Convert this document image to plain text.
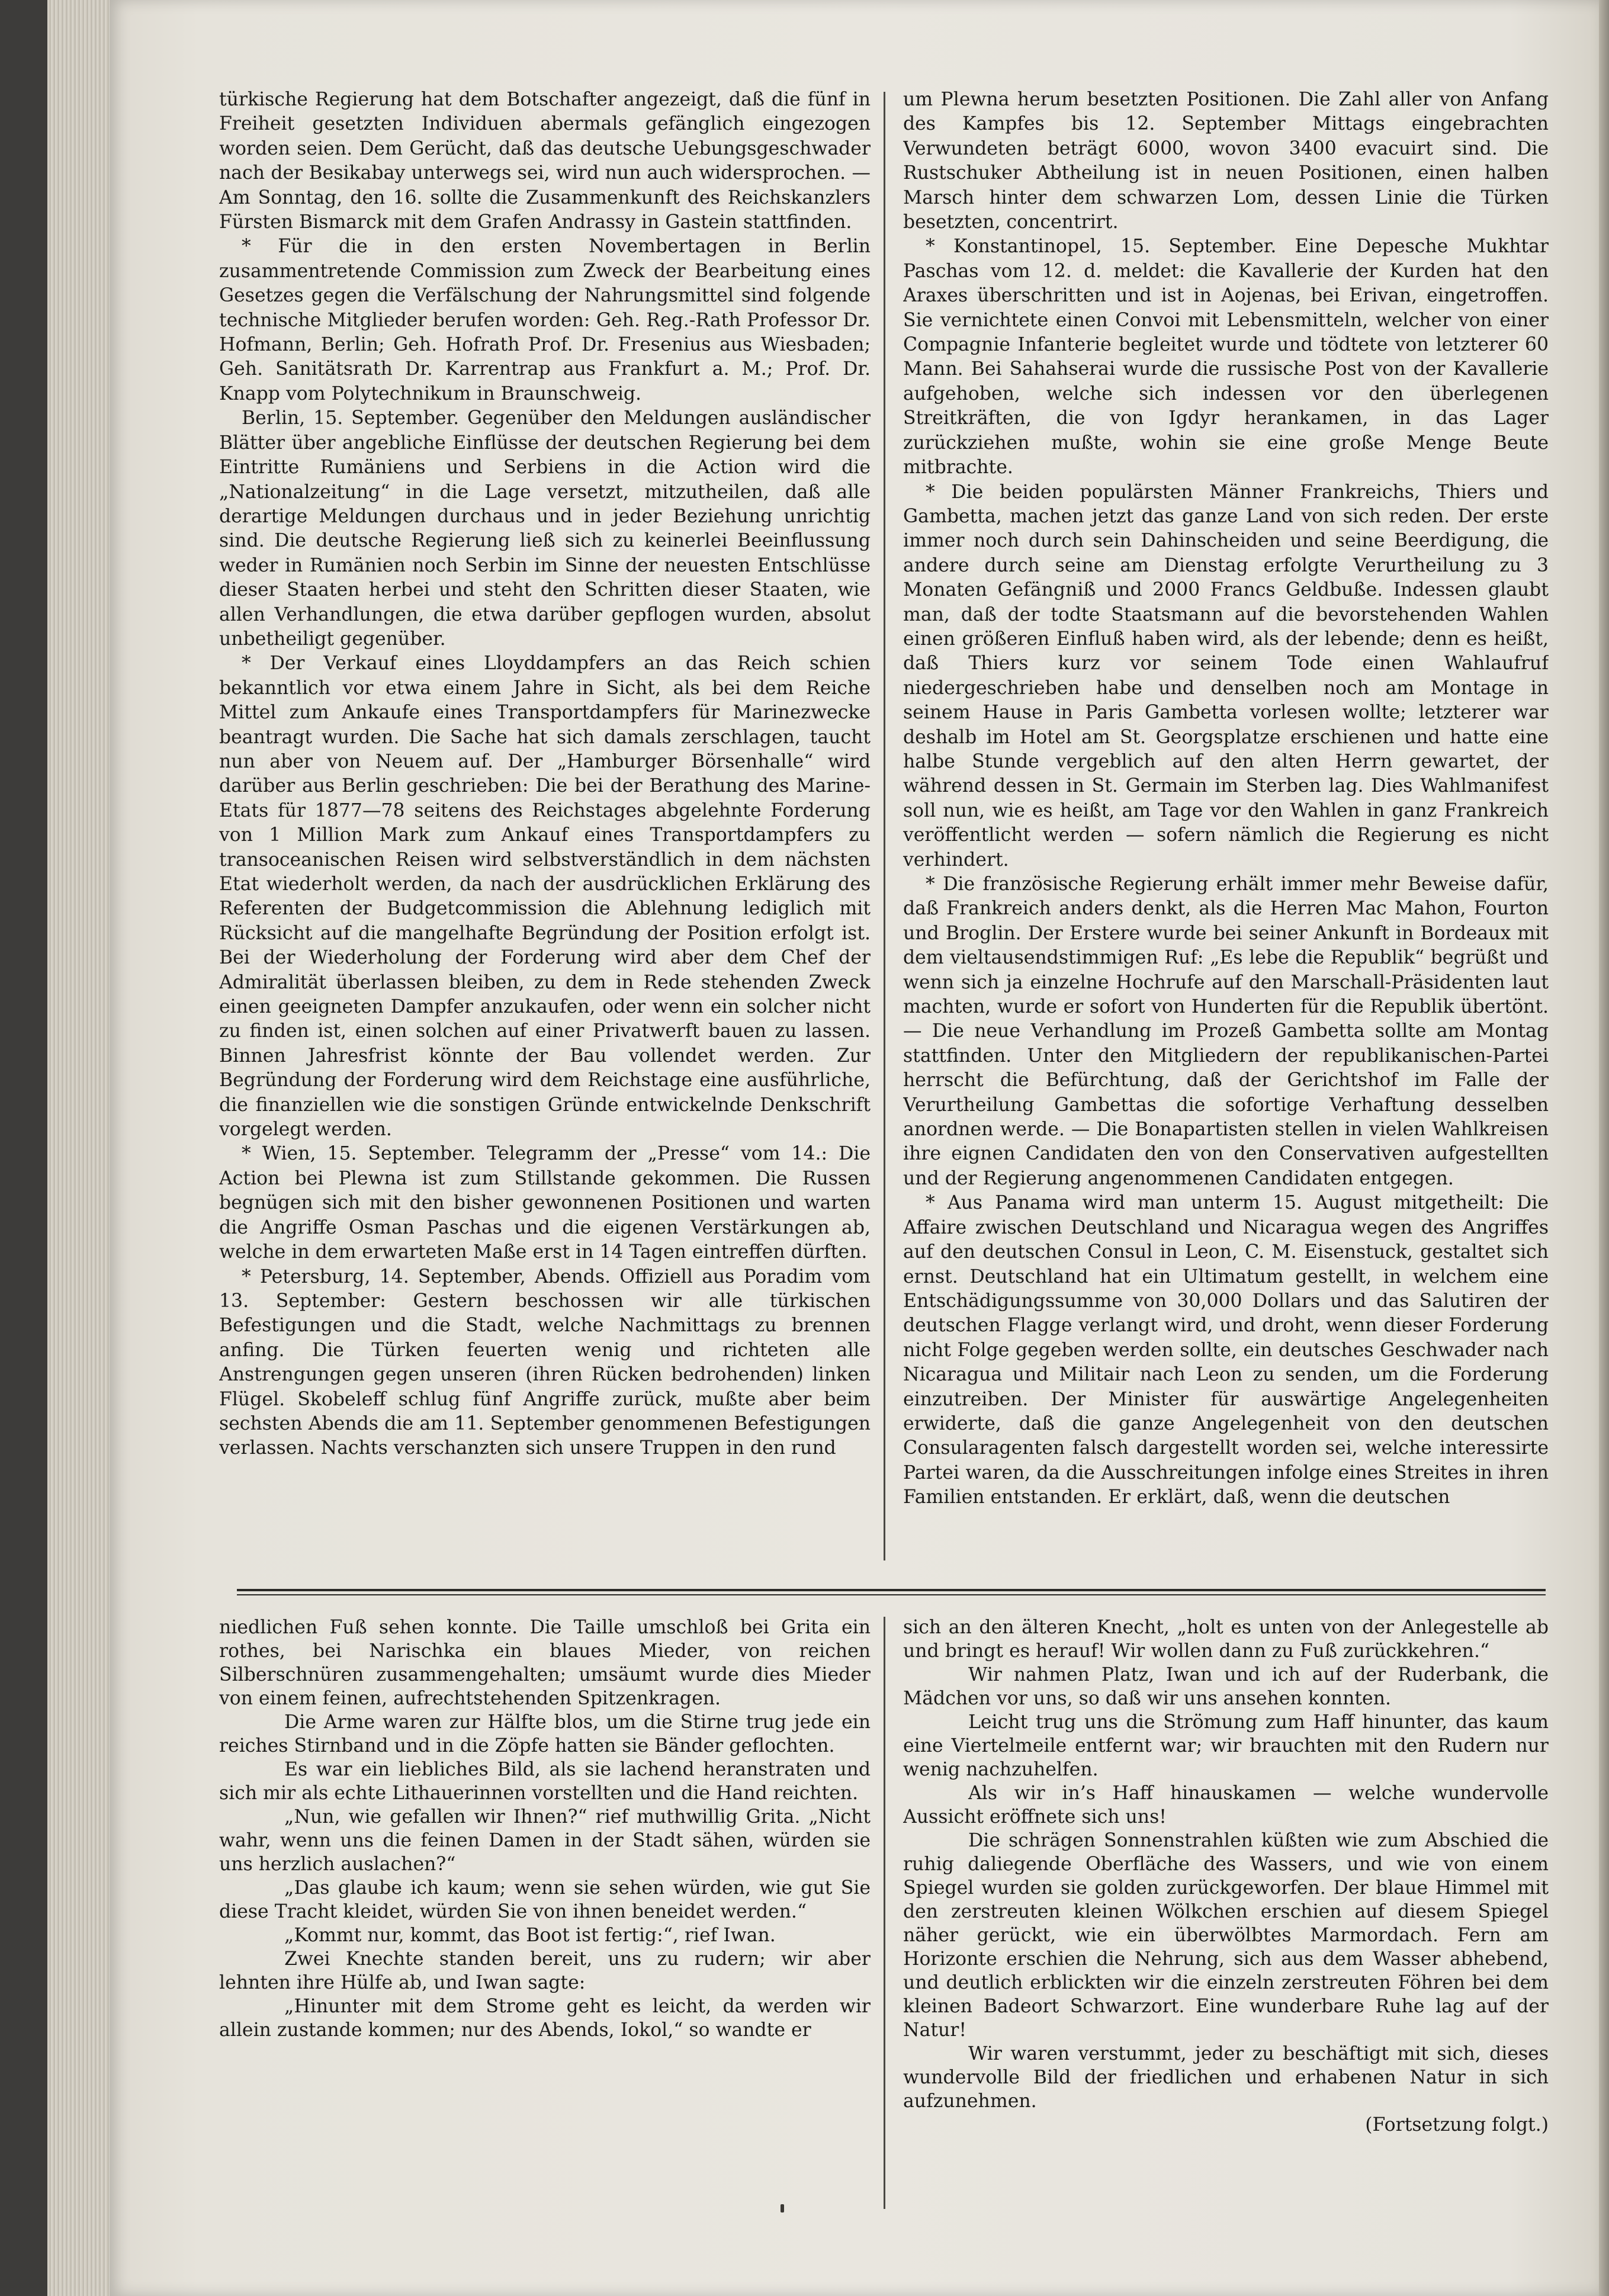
türkische Regierung hat dem Botschafter angezeigt, daß die fünf in Freiheit gesetzten Individuen abermals gefänglich eingezogen worden seien. Dem Gerücht, daß das deutsche Uebungsgeschwader nach der Besikabay unterwegs sei, wird nun auch widersprochen. — Am Sonntag, den 16. sollte die Zusammenkunft des Reichskanzlers Fürsten Bismarck mit dem Grafen Andrassy in Gastein stattfinden.

* Für die in den ersten Novembertagen in Berlin zusammentretende Commission zum Zweck der Bearbeitung eines Gesetzes gegen die Verfälschung der Nahrungsmittel sind folgende technische Mitglieder berufen worden: Geh. Reg.-Rath Professor Dr. Hofmann, Berlin; Geh. Hofrath Prof. Dr. Fresenius aus Wiesbaden; Geh. Sanitätsrath Dr. Karrentrap aus Frankfurt a. M.; Prof. Dr. Knapp vom Polytechnikum in Braunschweig.

Berlin, 15. September. Gegenüber den Meldungen ausländischer Blätter über angebliche Einflüsse der deutschen Regierung bei dem Eintritte Rumäniens und Serbiens in die Action wird die „Nationalzeitung“ in die Lage versetzt, mitzutheilen, daß alle derartige Meldungen durchaus und in jeder Beziehung unrichtig sind. Die deutsche Regierung ließ sich zu keinerlei Beeinflussung weder in Rumänien noch Serbin im Sinne der neuesten Entschlüsse dieser Staaten herbei und steht den Schritten dieser Staaten, wie allen Verhandlungen, die etwa darüber gepflogen wurden, absolut unbetheiligt gegenüber.

* Der Verkauf eines Lloyddampfers an das Reich schien bekanntlich vor etwa einem Jahre in Sicht, als bei dem Reiche Mittel zum Ankaufe eines Transportdampfers für Marinezwecke beantragt wurden. Die Sache hat sich damals zerschlagen, taucht nun aber von Neuem auf. Der „Hamburger Börsenhalle“ wird darüber aus Berlin geschrieben: Die bei der Berathung des Marine-Etats für 1877—78 seitens des Reichstages abgelehnte Forderung von 1 Million Mark zum Ankauf eines Transportdampfers zu transoceanischen Reisen wird selbstverständlich in dem nächsten Etat wiederholt werden, da nach der ausdrücklichen Erklärung des Referenten der Budgetcommission die Ablehnung lediglich mit Rücksicht auf die mangelhafte Begründung der Position erfolgt ist. Bei der Wiederholung der Forderung wird aber dem Chef der Admiralität überlassen bleiben, zu dem in Rede stehenden Zweck einen geeigneten Dampfer anzukaufen, oder wenn ein solcher nicht zu finden ist, einen solchen auf einer Privatwerft bauen zu lassen. Binnen Jahresfrist könnte der Bau vollendet werden. Zur Begründung der Forderung wird dem Reichstage eine ausführliche, die finanziellen wie die sonstigen Gründe entwickelnde Denkschrift vorgelegt werden.

* Wien, 15. September. Telegramm der „Presse“ vom 14.: Die Action bei Plewna ist zum Stillstande gekommen. Die Russen begnügen sich mit den bisher gewonnenen Positionen und warten die Angriffe Osman Paschas und die eigenen Verstärkungen ab, welche in dem erwarteten Maße erst in 14 Tagen eintreffen dürften.

* Petersburg, 14. September, Abends. Offiziell aus Poradim vom 13. September: Gestern beschossen wir alle türkischen Befestigungen und die Stadt, welche Nachmittags zu brennen anfing. Die Türken feuerten wenig und richteten alle Anstrengungen gegen unseren (ihren Rücken bedrohenden) linken Flügel. Skobeleff schlug fünf Angriffe zurück, mußte aber beim sechsten Abends die am 11. September genommenen Befestigungen verlassen. Nachts verschanzten sich unsere Truppen in den rund

um Plewna herum besetzten Positionen. Die Zahl aller von Anfang des Kampfes bis 12. September Mittags eingebrachten Verwundeten beträgt 6000, wovon 3400 evacuirt sind. Die Rustschuker Abtheilung ist in neuen Positionen, einen halben Marsch hinter dem schwarzen Lom, dessen Linie die Türken besetzten, concentrirt.

* Konstantinopel, 15. September. Eine Depesche Mukhtar Paschas vom 12. d. meldet: die Kavallerie der Kurden hat den Araxes überschritten und ist in Aojenas, bei Erivan, eingetroffen. Sie vernichtete einen Convoi mit Lebensmitteln, welcher von einer Compagnie Infanterie begleitet wurde und tödtete von letzterer 60 Mann. Bei Sahahserai wurde die russische Post von der Kavallerie aufgehoben, welche sich indessen vor den überlegenen Streitkräften, die von Igdyr herankamen, in das Lager zurückziehen mußte, wohin sie eine große Menge Beute mitbrachte.

* Die beiden populärsten Männer Frankreichs, Thiers und Gambetta, machen jetzt das ganze Land von sich reden. Der erste immer noch durch sein Dahinscheiden und seine Beerdigung, die andere durch seine am Dienstag erfolgte Verurtheilung zu 3 Monaten Gefängniß und 2000 Francs Geldbuße. Indessen glaubt man, daß der todte Staatsmann auf die bevorstehenden Wahlen einen größeren Einfluß haben wird, als der lebende; denn es heißt, daß Thiers kurz vor seinem Tode einen Wahlaufruf niedergeschrieben habe und denselben noch am Montage in seinem Hause in Paris Gambetta vorlesen wollte; letzterer war deshalb im Hotel am St. Georgsplatze erschienen und hatte eine halbe Stunde vergeblich auf den alten Herrn gewartet, der während dessen in St. Germain im Sterben lag. Dies Wahlmanifest soll nun, wie es heißt, am Tage vor den Wahlen in ganz Frankreich veröffentlicht werden — sofern nämlich die Regierung es nicht verhindert.

* Die französische Regierung erhält immer mehr Beweise dafür, daß Frankreich anders denkt, als die Herren Mac Mahon, Fourton und Broglin. Der Erstere wurde bei seiner Ankunft in Bordeaux mit dem vieltausendstimmigen Ruf: „Es lebe die Republik“ begrüßt und wenn sich ja einzelne Hochrufe auf den Marschall-Präsidenten laut machten, wurde er sofort von Hunderten für die Republik übertönt. — Die neue Verhandlung im Prozeß Gambetta sollte am Montag stattfinden. Unter den Mitgliedern der republikanischen-Partei herrscht die Befürchtung, daß der Gerichtshof im Falle der Verurtheilung Gambettas die sofortige Verhaftung desselben anordnen werde. — Die Bonapartisten stellen in vielen Wahlkreisen ihre eignen Candidaten den von den Conservativen aufgestellten und der Regierung angenommenen Candidaten entgegen.

* Aus Panama wird man unterm 15. August mitgetheilt: Die Affaire zwischen Deutschland und Nicaragua wegen des Angriffes auf den deutschen Consul in Leon, C. M. Eisenstuck, gestaltet sich ernst. Deutschland hat ein Ultimatum gestellt, in welchem eine Entschädigungssumme von 30,000 Dollars und das Salutiren der deutschen Flagge verlangt wird, und droht, wenn dieser Forderung nicht Folge gegeben werden sollte, ein deutsches Geschwader nach Nicaragua und Militair nach Leon zu senden, um die Forderung einzutreiben. Der Minister für auswärtige Angelegenheiten erwiderte, daß die ganze Angelegenheit von den deutschen Consularagenten falsch dargestellt worden sei, welche interessirte Partei waren, da die Ausschreitungen infolge eines Streites in ihren Familien entstanden. Er erklärt, daß, wenn die deutschen

niedlichen Fuß sehen konnte. Die Taille umschloß bei Grita ein rothes, bei Narischka ein blaues Mieder, von reichen Silberschnüren zusammengehalten; umsäumt wurde dies Mieder von einem feinen, aufrechtstehenden Spitzenkragen.

Die Arme waren zur Hälfte blos, um die Stirne trug jede ein reiches Stirnband und in die Zöpfe hatten sie Bänder geflochten.

Es war ein liebliches Bild, als sie lachend heranstraten und sich mir als echte Lithauerinnen vorstellten und die Hand reichten.

„Nun, wie gefallen wir Ihnen?“ rief muthwillig Grita. „Nicht wahr, wenn uns die feinen Damen in der Stadt sähen, würden sie uns herzlich auslachen?“

„Das glaube ich kaum; wenn sie sehen würden, wie gut Sie diese Tracht kleidet, würden Sie von ihnen beneidet werden.“

„Kommt nur, kommt, das Boot ist fertig:“, rief Iwan.

Zwei Knechte standen bereit, uns zu rudern; wir aber lehnten ihre Hülfe ab, und Iwan sagte:

„Hinunter mit dem Strome geht es leicht, da werden wir allein zustande kommen; nur des Abends, Iokol,“ so wandte er

sich an den älteren Knecht, „holt es unten von der Anlegestelle ab und bringt es herauf! Wir wollen dann zu Fuß zurückkehren.“

Wir nahmen Platz, Iwan und ich auf der Ruderbank, die Mädchen vor uns, so daß wir uns ansehen konnten.

Leicht trug uns die Strömung zum Haff hinunter, das kaum eine Viertelmeile entfernt war; wir brauchten mit den Rudern nur wenig nachzuhelfen.

Als wir in’s Haff hinauskamen — welche wundervolle Aussicht eröffnete sich uns!

Die schrägen Sonnenstrahlen küßten wie zum Abschied die ruhig daliegende Oberfläche des Wassers, und wie von einem Spiegel wurden sie golden zurückgeworfen. Der blaue Himmel mit den zerstreuten kleinen Wölkchen erschien auf diesem Spiegel näher gerückt, wie ein überwölbtes Marmordach. Fern am Horizonte erschien die Nehrung, sich aus dem Wasser abhebend, und deutlich erblickten wir die einzeln zerstreuten Föhren bei dem kleinen Badeort Schwarzort. Eine wunderbare Ruhe lag auf der Natur!

Wir waren verstummt, jeder zu beschäftigt mit sich, dieses wundervolle Bild der friedlichen und erhabenen Natur in sich aufzunehmen.

(Fortsetzung folgt.)
